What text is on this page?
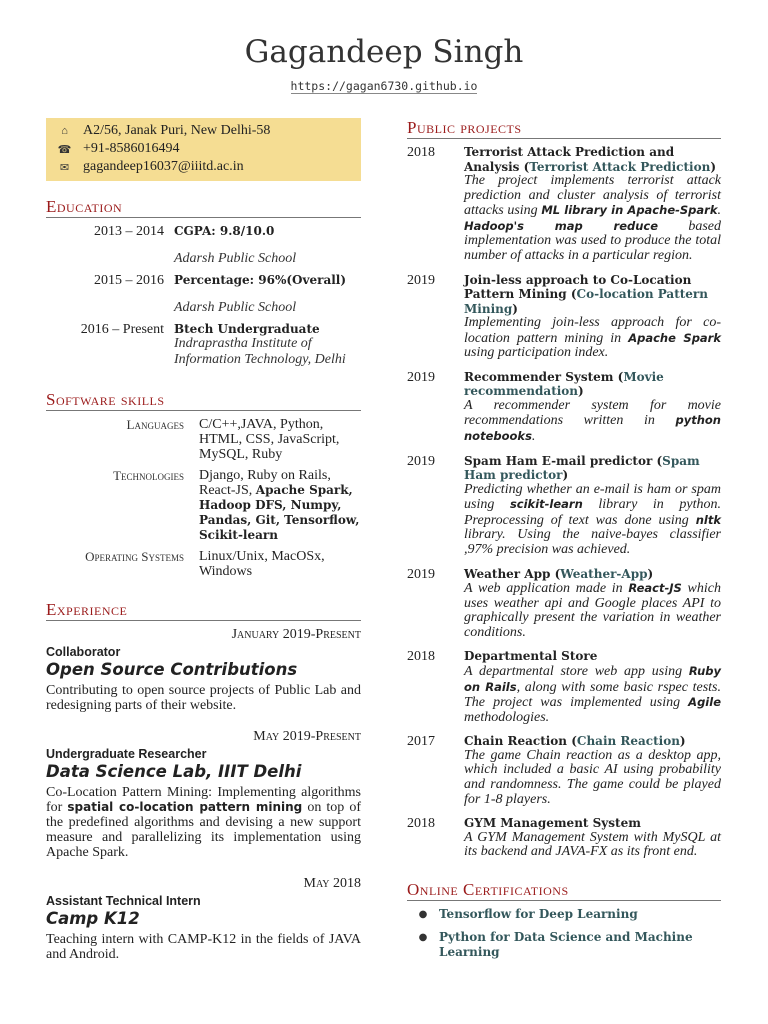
Gagandeep Singh
https://gagan6730.github.io
⌂	A2/56, Janak Puri, New Delhi-58
☎ +91-8586016494
✉ gagandeep16037@iiitd.ac.in
Education
2013 – 2014 CGPA: 9.8/10.0
Adarsh Public School
2015 – 2016 Percentage: 96%(Overall)
Adarsh Public School
2016 – Present Btech Undergraduate
Indraprastha Institute of Information Technology, Delhi
Software skills
Languages	C/C++,JAVA, Python, HTML, CSS, JavaScript, MySQL, Ruby
Technologies	Django, Ruby on Rails, React-JS, Apache Spark, Hadoop DFS, Numpy, Pandas, Git, Tensorflow, Scikit-learn
Operating Systems	Linux/Unix, MacOSx, Windows
Experience
January 2019-Present
Collaborator
Open Source Contributions
Contributing to open source projects of Public Lab and redesigning parts of their website.
May 2019-Present
Undergraduate Researcher
Data Science Lab, IIIT Delhi
Co-Location Pattern Mining: Implementing algorithms for spatial co-location pattern mining on top of the predefined algorithms and devising a new support measure and parallelizing its implementation using Apache Spark.
May 2018
Assistant Technical Intern
Camp K12
Teaching intern with CAMP-K12 in the fields of JAVA and Android.
Public projects
2018	Terrorist Attack Prediction and Analysis (Terrorist Attack Prediction)
The project implements terrorist attack prediction and cluster analysis of terrorist attacks using ML library in Apache-Spark. Hadoop's map reduce based implementation was used to produce the total number of attacks in a particular region.
2019	Join-less approach to Co-Location Pattern Mining (Co-location Pattern Mining)
Implementing join-less approach for co-location pattern mining in Apache Spark using participation index.
2019	Recommender System (Movie recommendation)
A recommender system for movie recommendations written in python notebooks.
2019	Spam Ham E-mail predictor (Spam Ham predictor)
Predicting whether an e-mail is ham or spam using scikit-learn library in python. Preprocessing of text was done using nltk library. Using the naive-bayes classifier ,97% precision was achieved.
2019	Weather App (Weather-App)
A web application made in React-JS which uses weather api and Google places API to graphically present the variation in weather conditions.
2018	Departmental Store
A departmental store web app using Ruby on Rails, along with some basic rspec tests. The project was implemented using Agile methodologies.
2017	Chain Reaction (Chain Reaction)
The game Chain reaction as a desktop app, which included a basic AI using probability and randomness. The game could be played for 1-8 players.
2018	GYM Management System
A GYM Management System with MySQL at its backend and JAVA-FX as its front end.
Online Certifications
● Tensorflow for Deep Learning
● Python for Data Science and Machine Learning
